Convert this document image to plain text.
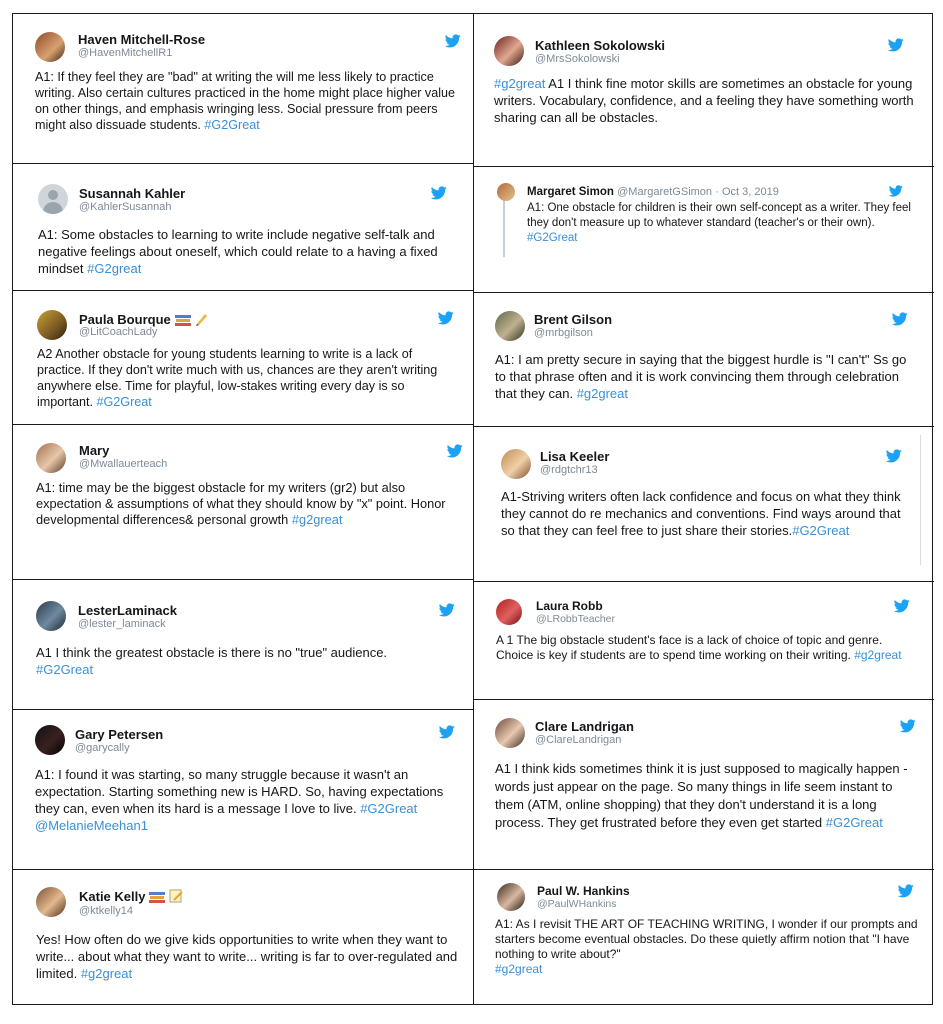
Haven Mitchell-Rose
@HavenMitchellR1
A1: If they feel they are "bad" at writing the will me less likely to practice writing. Also certain cultures practiced in the home might place higher value on other things, and emphasis wringing less. Social pressure from peers might also dissuade students. #G2Great
Susannah Kahler
@KahlerSusannah
A1: Some obstacles to learning to write include negative self-talk and negative feelings about oneself, which could relate to a having a fixed mindset #G2great
Paula Bourque
@LitCoachLady
A2 Another obstacle for young students learning to write is a lack of practice. If they don't write much with us, chances are they aren't writing anywhere else. Time for playful, low-stakes writing every day is so important. #G2Great
Mary
@Mwallauerteach
A1: time may be the biggest obstacle for my writers (gr2) but also expectation & assumptions of what they should know by "x" point. Honor developmental differences& personal growth #g2great
LesterLaminack
@lester_laminack
A1 I think the greatest obstacle is there is no "true" audience.
#G2Great
Gary Petersen
@garycally
A1: I found it was starting, so many struggle because it wasn't an expectation. Starting something new is HARD. So, having expectations they can, even when its hard is a message I love to live. #G2Great @MelanieMeehan1
Katie Kelly
@ktkelly14
Yes! How often do we give kids opportunities to write when they want to write... about what they want to write... writing is far to over-regulated and limited. #g2great
Kathleen Sokolowski
@MrsSokolowski
#g2great A1 I think fine motor skills are sometimes an obstacle for young writers. Vocabulary, confidence, and a feeling they have something worth sharing can all be obstacles.
Margaret Simon @MargaretGSimon · Oct 3, 2019
A1: One obstacle for children is their own self-concept as a writer. They feel they don't measure up to whatever standard (teacher's or their own). #G2Great
Brent Gilson
@mrbgilson
A1: I am pretty secure in saying that the biggest hurdle is "I can't" Ss go to that phrase often and it is work convincing them through celebration that they can. #g2great
Lisa Keeler
@rdgtchr13
A1-Striving writers often lack confidence and focus on what they think they cannot do re mechanics and conventions. Find ways around that so that they can feel free to just share their stories.#G2Great
Laura Robb
@LRobbTeacher
A 1 The big obstacle student's face is a lack of choice of topic and genre. Choice is key if students are to spend time working on their writing. #g2great
Clare Landrigan
@ClareLandrigan
A1 I think kids sometimes think it is just supposed to magically happen -words just appear on the page. So many things in life seem instant to them (ATM, online shopping) that they don't understand it is a long process. They get frustrated before they even get started #G2Great
Paul W. Hankins
@PaulWHankins
A1: As I revisit THE ART OF TEACHING WRITING, I wonder if our prompts and starters become eventual obstacles. Do these quietly affirm notion that "I have nothing to write about?"
#g2great
